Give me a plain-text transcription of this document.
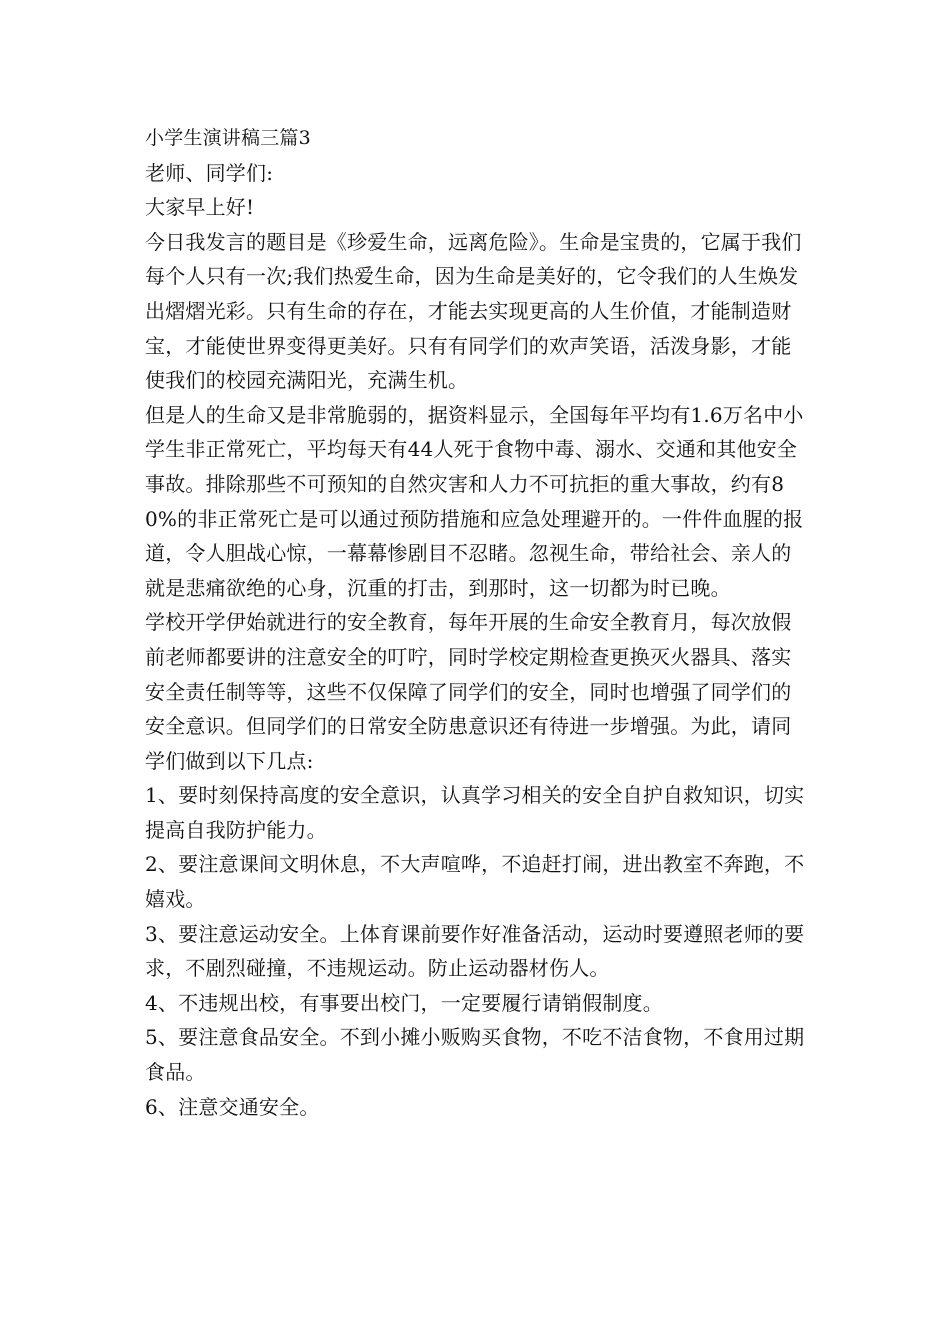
小学生演讲稿三篇3

老师、同学们:

大家早上好!

今日我发言的题目是《珍爱生命，远离危险》。生命是宝贵的，它属于我们每个人只有一次;我们热爱生命，因为生命是美好的，它令我们的人生焕发出熠熠光彩。只有生命的存在，才能去实现更高的人生价值，才能制造财宝，才能使世界变得更美好。只有有同学们的欢声笑语，活泼身影，才能使我们的校园充满阳光，充满生机。

但是人的生命又是非常脆弱的，据资料显示，全国每年平均有1.6万名中小学生非正常死亡，平均每天有44人死于食物中毒、溺水、交通和其他安全事故。排除那些不可预知的自然灾害和人力不可抗拒的重大事故，约有80%的非正常死亡是可以通过预防措施和应急处理避开的。一件件血腥的报道，令人胆战心惊，一幕幕惨剧目不忍睹。忽视生命，带给社会、亲人的就是悲痛欲绝的心身，沉重的打击，到那时，这一切都为时已晚。

学校开学伊始就进行的安全教育，每年开展的生命安全教育月，每次放假前老师都要讲的注意安全的叮咛，同时学校定期检查更换灭火器具、落实安全责任制等等，这些不仅保障了同学们的安全，同时也增强了同学们的安全意识。但同学们的日常安全防患意识还有待进一步增强。为此，请同学们做到以下几点:

1、要时刻保持高度的安全意识，认真学习相关的安全自护自救知识，切实提高自我防护能力。

2、要注意课间文明休息，不大声喧哗，不追赶打闹，进出教室不奔跑，不嬉戏。

3、要注意运动安全。上体育课前要作好准备活动，运动时要遵照老师的要求，不剧烈碰撞，不违规运动。防止运动器材伤人。

4、不违规出校，有事要出校门，一定要履行请销假制度。

5、要注意食品安全。不到小摊小贩购买食物，不吃不洁食物，不食用过期食品。

6、注意交通安全。
